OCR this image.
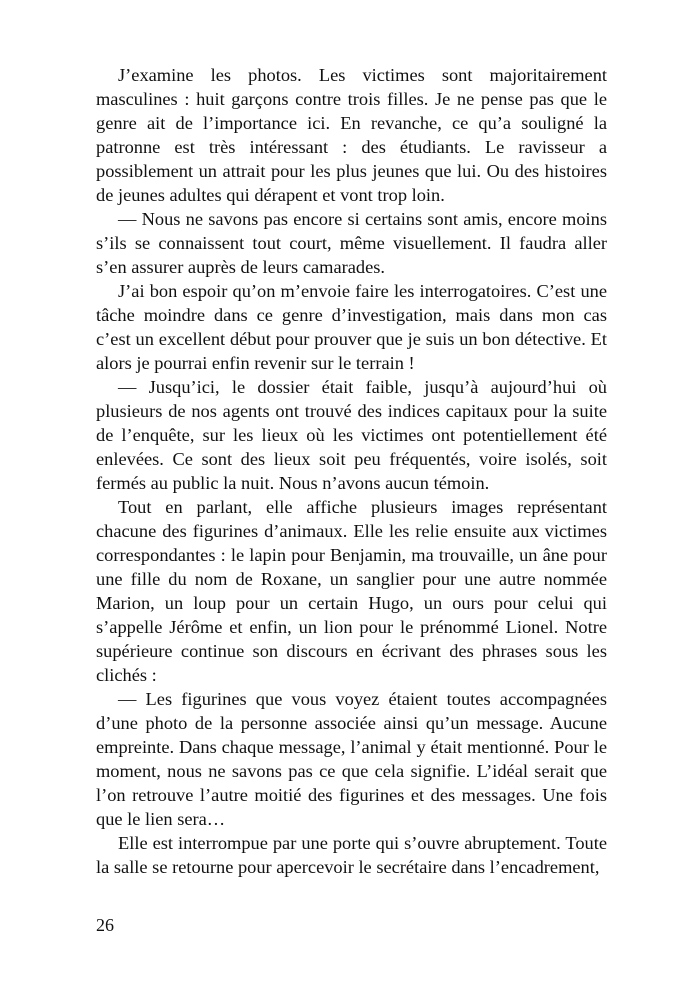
J’examine les photos. Les victimes sont majoritairement masculines : huit garçons contre trois filles. Je ne pense pas que le genre ait de l’importance ici. En revanche, ce qu’a souligné la patronne est très intéressant : des étudiants. Le ravisseur a possiblement un attrait pour les plus jeunes que lui. Ou des histoires de jeunes adultes qui dérapent et vont trop loin.

— Nous ne savons pas encore si certains sont amis, encore moins s’ils se connaissent tout court, même visuellement. Il faudra aller s’en assurer auprès de leurs camarades.

J’ai bon espoir qu’on m’envoie faire les interrogatoires. C’est une tâche moindre dans ce genre d’investigation, mais dans mon cas c’est un excellent début pour prouver que je suis un bon détective. Et alors je pourrai enfin revenir sur le terrain !

— Jusqu’ici, le dossier était faible, jusqu’à aujourd’hui où plusieurs de nos agents ont trouvé des indices capitaux pour la suite de l’enquête, sur les lieux où les victimes ont potentiellement été enlevées. Ce sont des lieux soit peu fréquentés, voire isolés, soit fermés au public la nuit. Nous n’avons aucun témoin.

Tout en parlant, elle affiche plusieurs images représentant chacune des figurines d’animaux. Elle les relie ensuite aux victimes correspondantes : le lapin pour Benjamin, ma trouvaille, un âne pour une fille du nom de Roxane, un sanglier pour une autre nommée Marion, un loup pour un certain Hugo, un ours pour celui qui s’appelle Jérôme et enfin, un lion pour le prénommé Lionel. Notre supérieure continue son discours en écrivant des phrases sous les clichés :

— Les figurines que vous voyez étaient toutes accompagnées d’une photo de la personne associée ainsi qu’un message. Aucune empreinte. Dans chaque message, l’animal y était mentionné. Pour le moment, nous ne savons pas ce que cela signifie. L’idéal serait que l’on retrouve l’autre moitié des figurines et des messages. Une fois que le lien sera…

Elle est interrompue par une porte qui s’ouvre abruptement. Toute la salle se retourne pour apercevoir le secrétaire dans l’encadrement,

26
